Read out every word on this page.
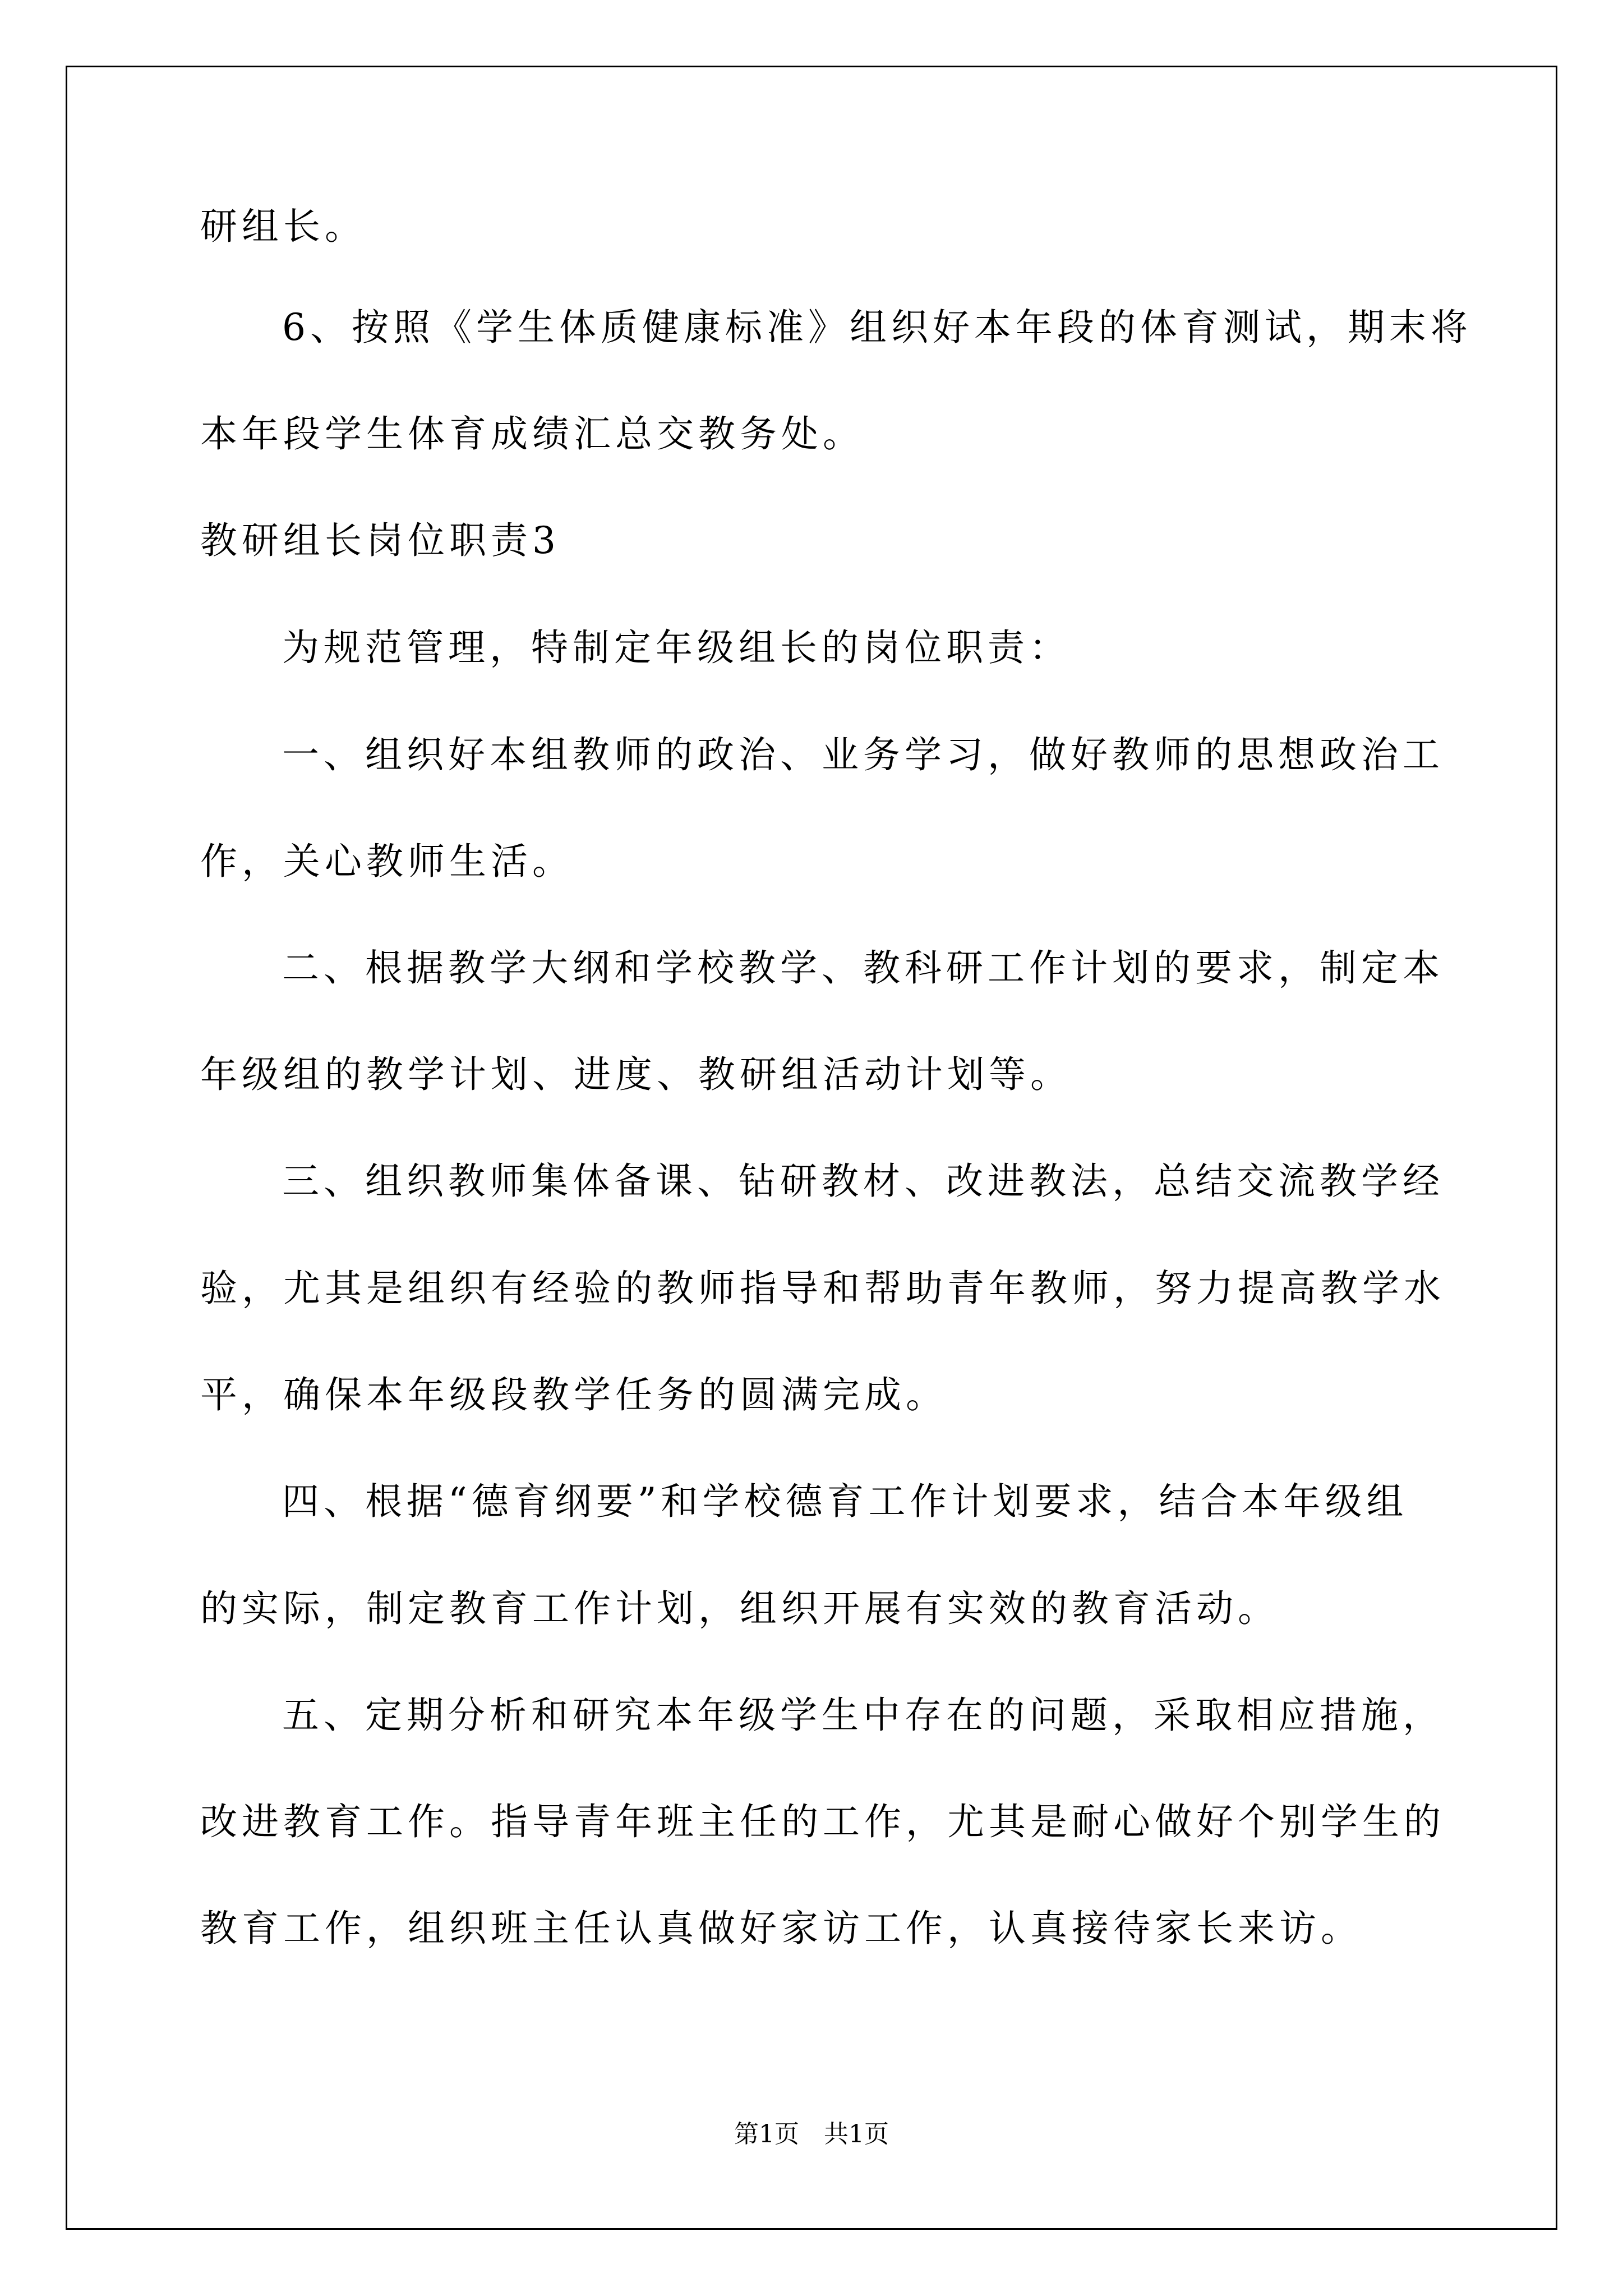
研组长。
6、按照《学生体质健康标准》组织好本年段的体育测试，期末将
本年段学生体育成绩汇总交教务处。
教研组长岗位职责3
为规范管理，特制定年级组长的岗位职责：
一、组织好本组教师的政治、业务学习，做好教师的思想政治工
作，关心教师生活。
二、根据教学大纲和学校教学、教科研工作计划的要求，制定本
年级组的教学计划、进度、教研组活动计划等。
三、组织教师集体备课、钻研教材、改进教法，总结交流教学经
验，尤其是组织有经验的教师指导和帮助青年教师，努力提高教学水
平，确保本年级段教学任务的圆满完成。
四、根据“德育纲要”和学校德育工作计划要求，结合本年级组
的实际，制定教育工作计划，组织开展有实效的教育活动。
五、定期分析和研究本年级学生中存在的问题，采取相应措施，
改进教育工作。指导青年班主任的工作，尤其是耐心做好个别学生的
教育工作，组织班主任认真做好家访工作，认真接待家长来访。
第1页　共1页
